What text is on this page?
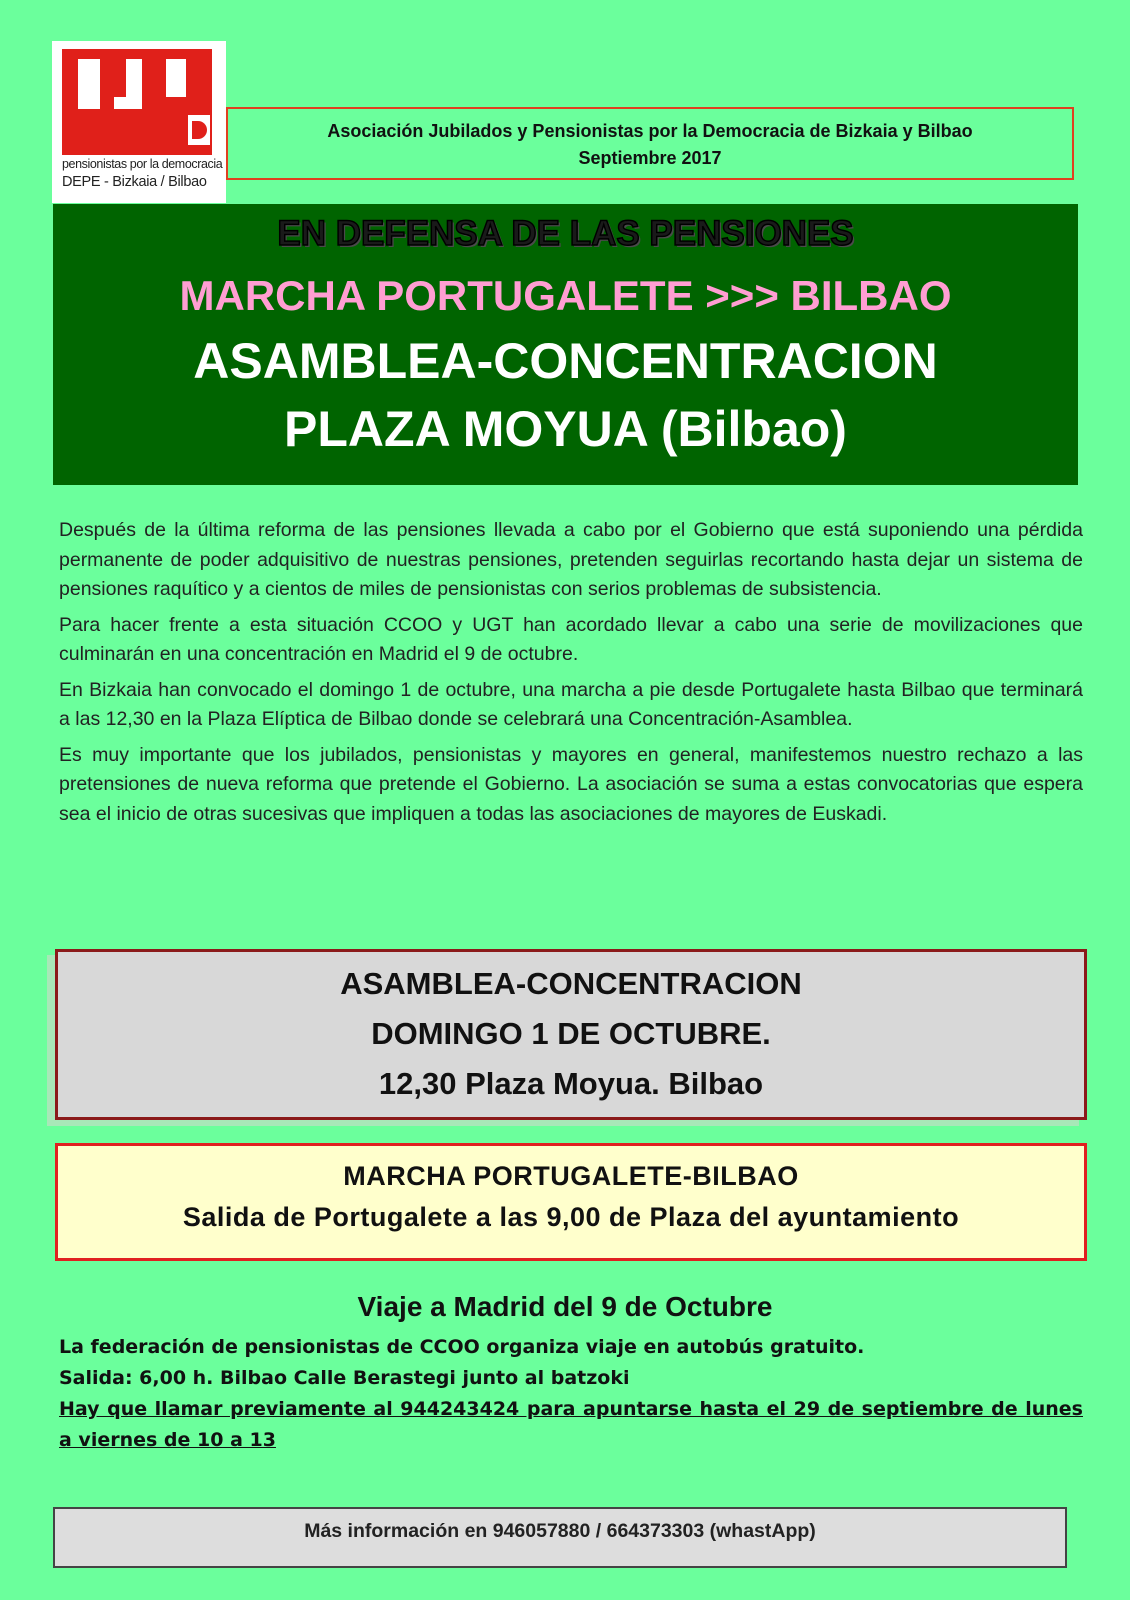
pensionistas por la democracia
DEPE - Bizkaia / Bilbao
Asociación Jubilados y Pensionistas por la Democracia de Bizkaia y Bilbao
Septiembre 2017
EN DEFENSA DE LAS PENSIONES
MARCHA PORTUGALETE >>> BILBAO
ASAMBLEA-CONCENTRACION
PLAZA MOYUA (Bilbao)

Después de la última reforma de las pensiones llevada a cabo por el Gobierno que está suponiendo una pérdida permanente de poder adquisitivo de nuestras pensiones, pretenden seguirlas recortando hasta dejar un sistema de pensiones raquítico y a cientos de miles de pensionistas con serios problemas de subsistencia.

Para hacer frente a esta situación CCOO y UGT han acordado llevar a cabo una serie de movilizaciones que culminarán en una concentración en Madrid el 9 de octubre.

En Bizkaia han convocado el domingo 1 de octubre, una marcha a pie desde Portugalete hasta Bilbao que terminará a las 12,30 en la Plaza Elíptica de Bilbao donde se celebrará una Concentración-Asamblea.

Es muy importante que los jubilados, pensionistas y mayores en general, manifestemos nuestro rechazo a las pretensiones de nueva reforma que pretende el Gobierno. La asociación se suma a estas convocatorias que espera sea el inicio de otras sucesivas que impliquen a todas las asociaciones de mayores de Euskadi.

ASAMBLEA-CONCENTRACION
DOMINGO 1 DE OCTUBRE.
12,30 Plaza Moyua. Bilbao
MARCHA PORTUGALETE-BILBAO
Salida de Portugalete a las 9,00 de Plaza del ayuntamiento
Viaje a Madrid del 9 de Octubre
La federación de pensionistas de CCOO organiza viaje en autobús gratuito.
Salida: 6,00 h. Bilbao Calle Berastegi junto al batzoki
Hay que llamar previamente al 944243424 para apuntarse hasta el 29 de septiembre de lunes a viernes de 10 a 13
Más información en 946057880 / 664373303 (whastApp)
